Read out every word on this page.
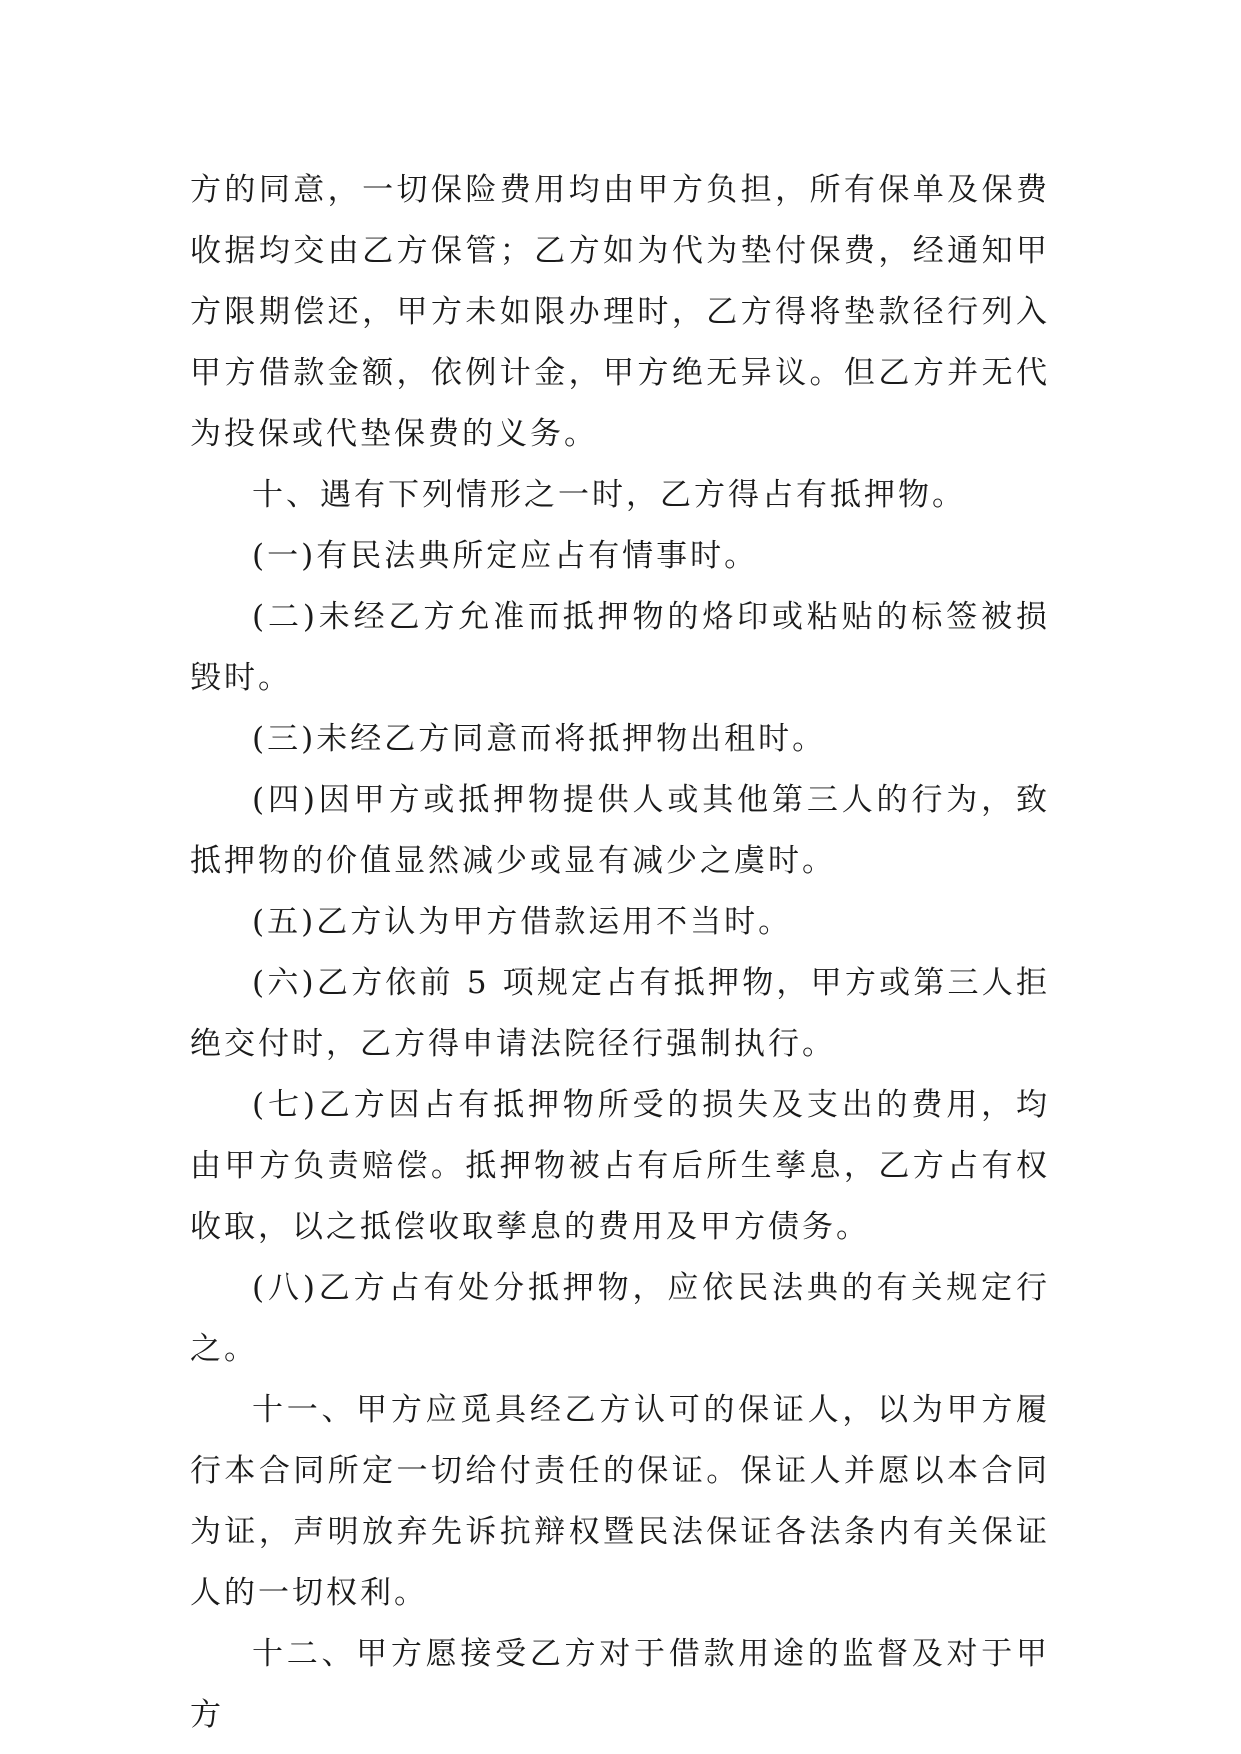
方的同意，一切保险费用均由甲方负担，所有保单及保费收据均交由乙方保管；乙方如为代为垫付保费，经通知甲方限期偿还，甲方未如限办理时，乙方得将垫款径行列入甲方借款金额，依例计金，甲方绝无异议。但乙方并无代为投保或代垫保费的义务。

十、遇有下列情形之一时，乙方得占有抵押物。

(一)有民法典所定应占有情事时。

(二)未经乙方允准而抵押物的烙印或粘贴的标签被损毁时。

(三)未经乙方同意而将抵押物出租时。

(四)因甲方或抵押物提供人或其他第三人的行为，致抵押物的价值显然减少或显有减少之虞时。

(五)乙方认为甲方借款运用不当时。

(六)乙方依前 5 项规定占有抵押物，甲方或第三人拒绝交付时，乙方得申请法院径行强制执行。

(七)乙方因占有抵押物所受的损失及支出的费用，均由甲方负责赔偿。抵押物被占有后所生孳息，乙方占有权收取，以之抵偿收取孳息的费用及甲方债务。

(八)乙方占有处分抵押物，应依民法典的有关规定行之。

十一、甲方应觅具经乙方认可的保证人，以为甲方履行本合同所定一切给付责任的保证。保证人并愿以本合同为证，声明放弃先诉抗辩权暨民法保证各法条内有关保证人的一切权利。

十二、甲方愿接受乙方对于借款用途的监督及对于甲方
